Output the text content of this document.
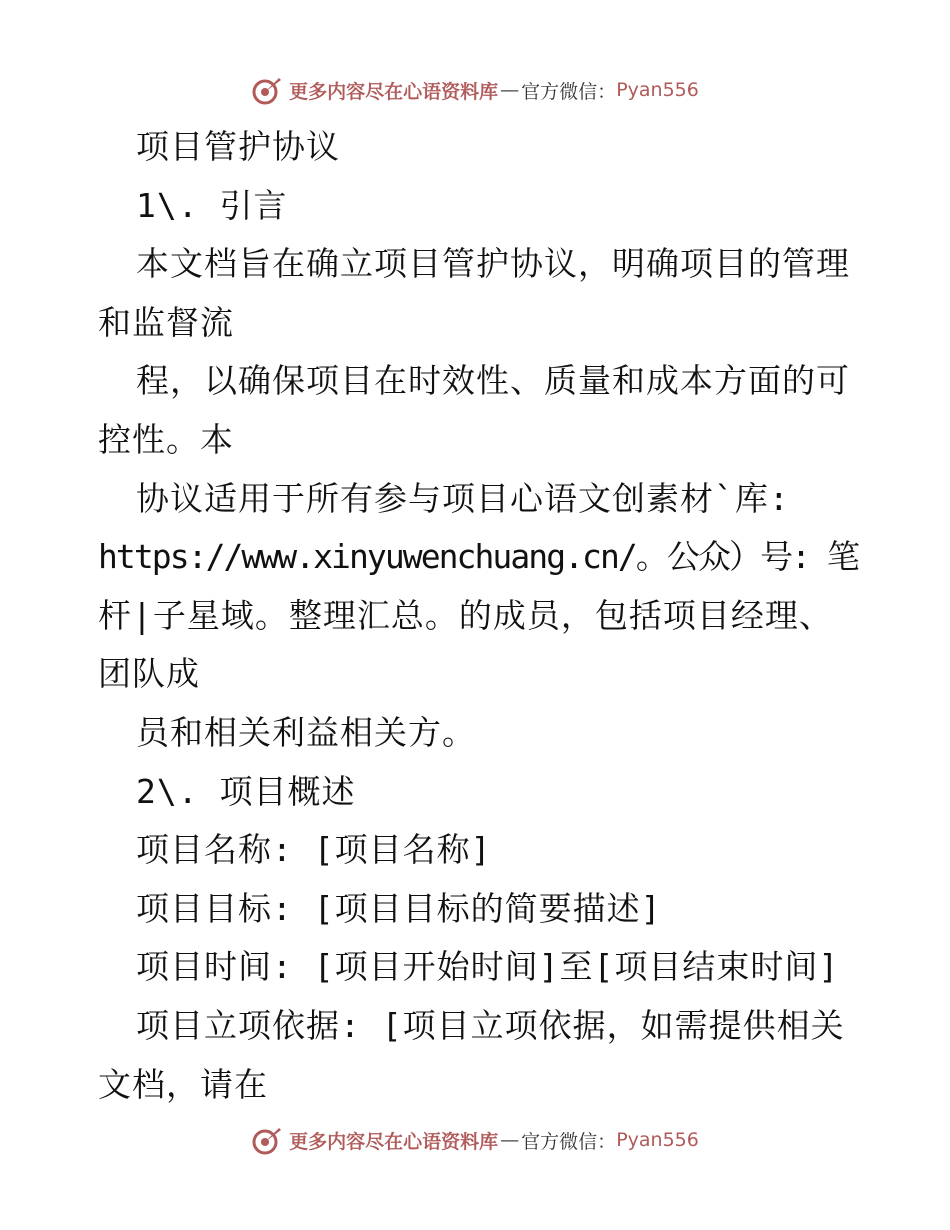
更多内容尽在心语资料库 — 官方微信： Pyan556
项目管护协议
1\. 引言
本文档旨在确立项目管护协议，明确项目的管理
和监督流
程，以确保项目在时效性、质量和成本方面的可
控性。本
协议适用于所有参与项目心语文创素材`库:
https://www.xinyuwenchuang.cn/。公众）号: 笔
杆|子星域。整理汇总。的成员，包括项目经理、
团队成
员和相关利益相关方。
2\. 项目概述
项目名称: [项目名称]
项目目标: [项目目标的简要描述]
项目时间: [项目开始时间]至[项目结束时间]
项目立项依据: [项目立项依据，如需提供相关
文档，请在
更多内容尽在心语资料库 — 官方微信： Pyan556
